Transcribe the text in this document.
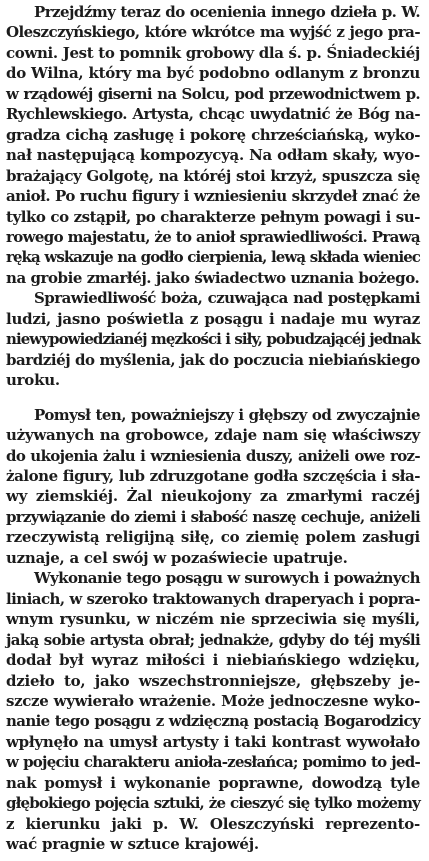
Przejdźmy teraz do ocenienia innego dzieła p. W.
Oleszczyńskiego, które wkrótce ma wyjść z jego pra-
cowni. Jest to pomnik grobowy dla ś. p. Śniadeckiéj
do Wilna, który ma być podobno odlanym z bronzu
w rządowéj giserni na Solcu, pod przewodnictwem p.
Rychlewskiego. Artysta, chcąc uwydatnić że Bóg na-
gradza cichą zasługę i pokorę chrześciańską, wyko-
nał następującą kompozycyą. Na odłam skały, wyo-
brażający Golgotę, na któréj stoi krzyż, spuszcza się
anioł. Po ruchu figury i wzniesieniu skrzydeł znać że
tylko co zstąpił, po charakterze pełnym powagi i su-
rowego majestatu, że to anioł sprawiedliwości. Prawą
ręką wskazuje na godło cierpienia, lewą składa wieniec
na grobie zmarłéj. jako świadectwo uznania bożego.
Sprawiedliwość boża, czuwająca nad postępkami
ludzi, jasno poświetla z posągu i nadaje mu wyraz
niewypowiedzianéj męzkości i siły, pobudzającéj jednak
bardziéj do myślenia, jak do poczucia niebiańskiego
uroku.
Pomysł ten, poważniejszy i głębszy od zwyczajnie
używanych na grobowce, zdaje nam się właściwszy
do ukojenia żalu i wzniesienia duszy, aniżeli owe roz-
żalone figury, lub zdruzgotane godła szczęścia i sła-
wy ziemskiéj. Żal nieukojony za zmarłymi raczéj
przywiązanie do ziemi i słabość naszę cechuje, aniżeli
rzeczywistą religijną siłę, co ziemię polem zasługi
uznaje, a cel swój w pozaświecie upatruje.
Wykonanie tego posągu w surowych i poważnych
liniach, w szeroko traktowanych draperyach i popra-
wnym rysunku, w niczém nie sprzeciwia się myśli,
jaką sobie artysta obrał; jednakże, gdyby do téj myśli
dodał był wyraz miłości i niebiańskiego wdzięku,
dzieło to, jako wszechstronniejsze, głębszeby je-
szcze wywierało wrażenie. Może jednoczesne wyko-
nanie tego posągu z wdzięczną postacią Bogarodzicy
wpłynęło na umysł artysty i taki kontrast wywołało
w pojęciu charakteru anioła-zesłańca; pomimo to jed-
nak pomysł i wykonanie poprawne, dowodzą tyle
głębokiego pojęcia sztuki, że cieszyć się tylko możemy
z kierunku jaki p. W. Oleszczyński reprezento-
wać pragnie w sztuce krajowéj.
